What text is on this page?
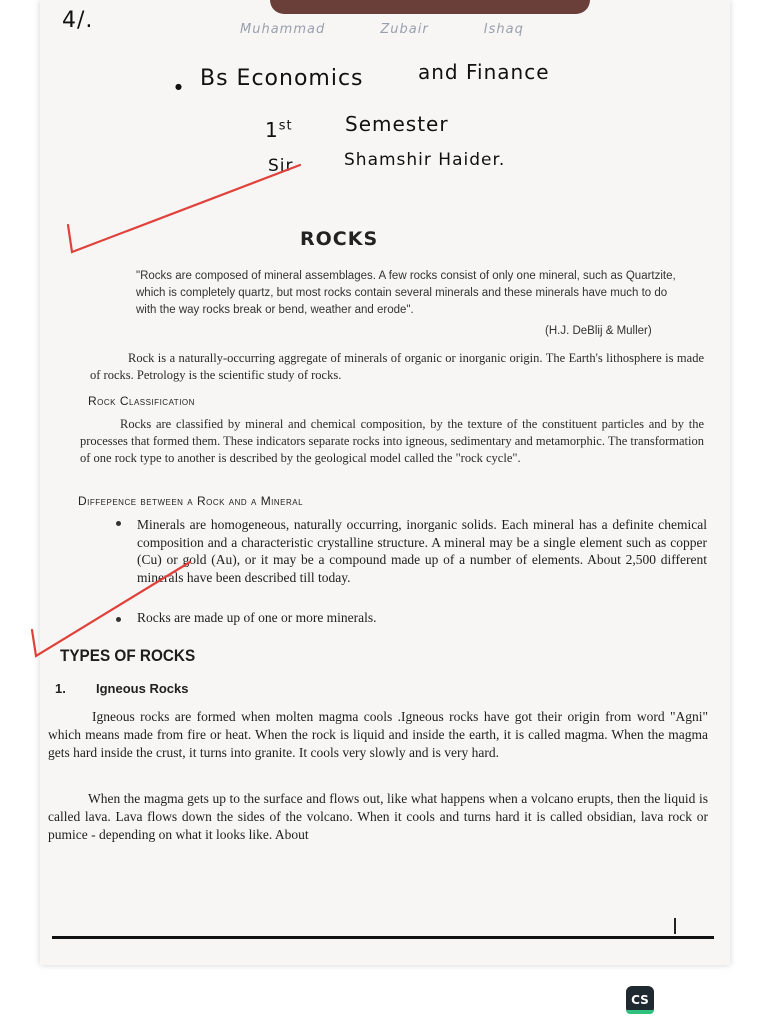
4/.	Muhammad Zubair Ishaq
● Bs Economics	and Finance
1st	Semester
Sir	Shamshir Haider.
ROCKS
"Rocks are composed of mineral assemblages. A few rocks consist of only one mineral, such as Quartzite, which is completely quartz, but most rocks contain several minerals and these minerals have much to do with the way rocks break or bend, weather and erode".
(H.J. DeBlij & Muller)
Rock is a naturally-occurring aggregate of minerals of organic or inorganic origin. The Earth's lithosphere is made of rocks. Petrology is the scientific study of rocks.
Rock Classification
Rocks are classified by mineral and chemical composition, by the texture of the constituent particles and by the processes that formed them. These indicators separate rocks into igneous, sedimentary and metamorphic. The transformation of one rock type to another is described by the geological model called the "rock cycle".
Diffepence between a Rock and a Mineral
Minerals are homogeneous, naturally occurring, inorganic solids. Each mineral has a definite chemical composition and a characteristic crystalline structure. A mineral may be a single element such as copper (Cu) or gold (Au), or it may be a compound made up of a number of elements. About 2,500 different minerals have been described till today.
Rocks are made up of one or more minerals.
TYPES OF ROCKS
1. Igneous Rocks
Igneous rocks are formed when molten magma cools .Igneous rocks have got their origin from word "Agni" which means made from fire or heat. When the rock is liquid and inside the earth, it is called magma. When the magma gets hard inside the crust, it turns into granite. It cools very slowly and is very hard.
When the magma gets up to the surface and flows out, like what happens when a volcano erupts, then the liquid is called lava. Lava flows down the sides of the volcano. When it cools and turns hard it is called obsidian, lava rock or pumice - depending on what it looks like. About
CS
